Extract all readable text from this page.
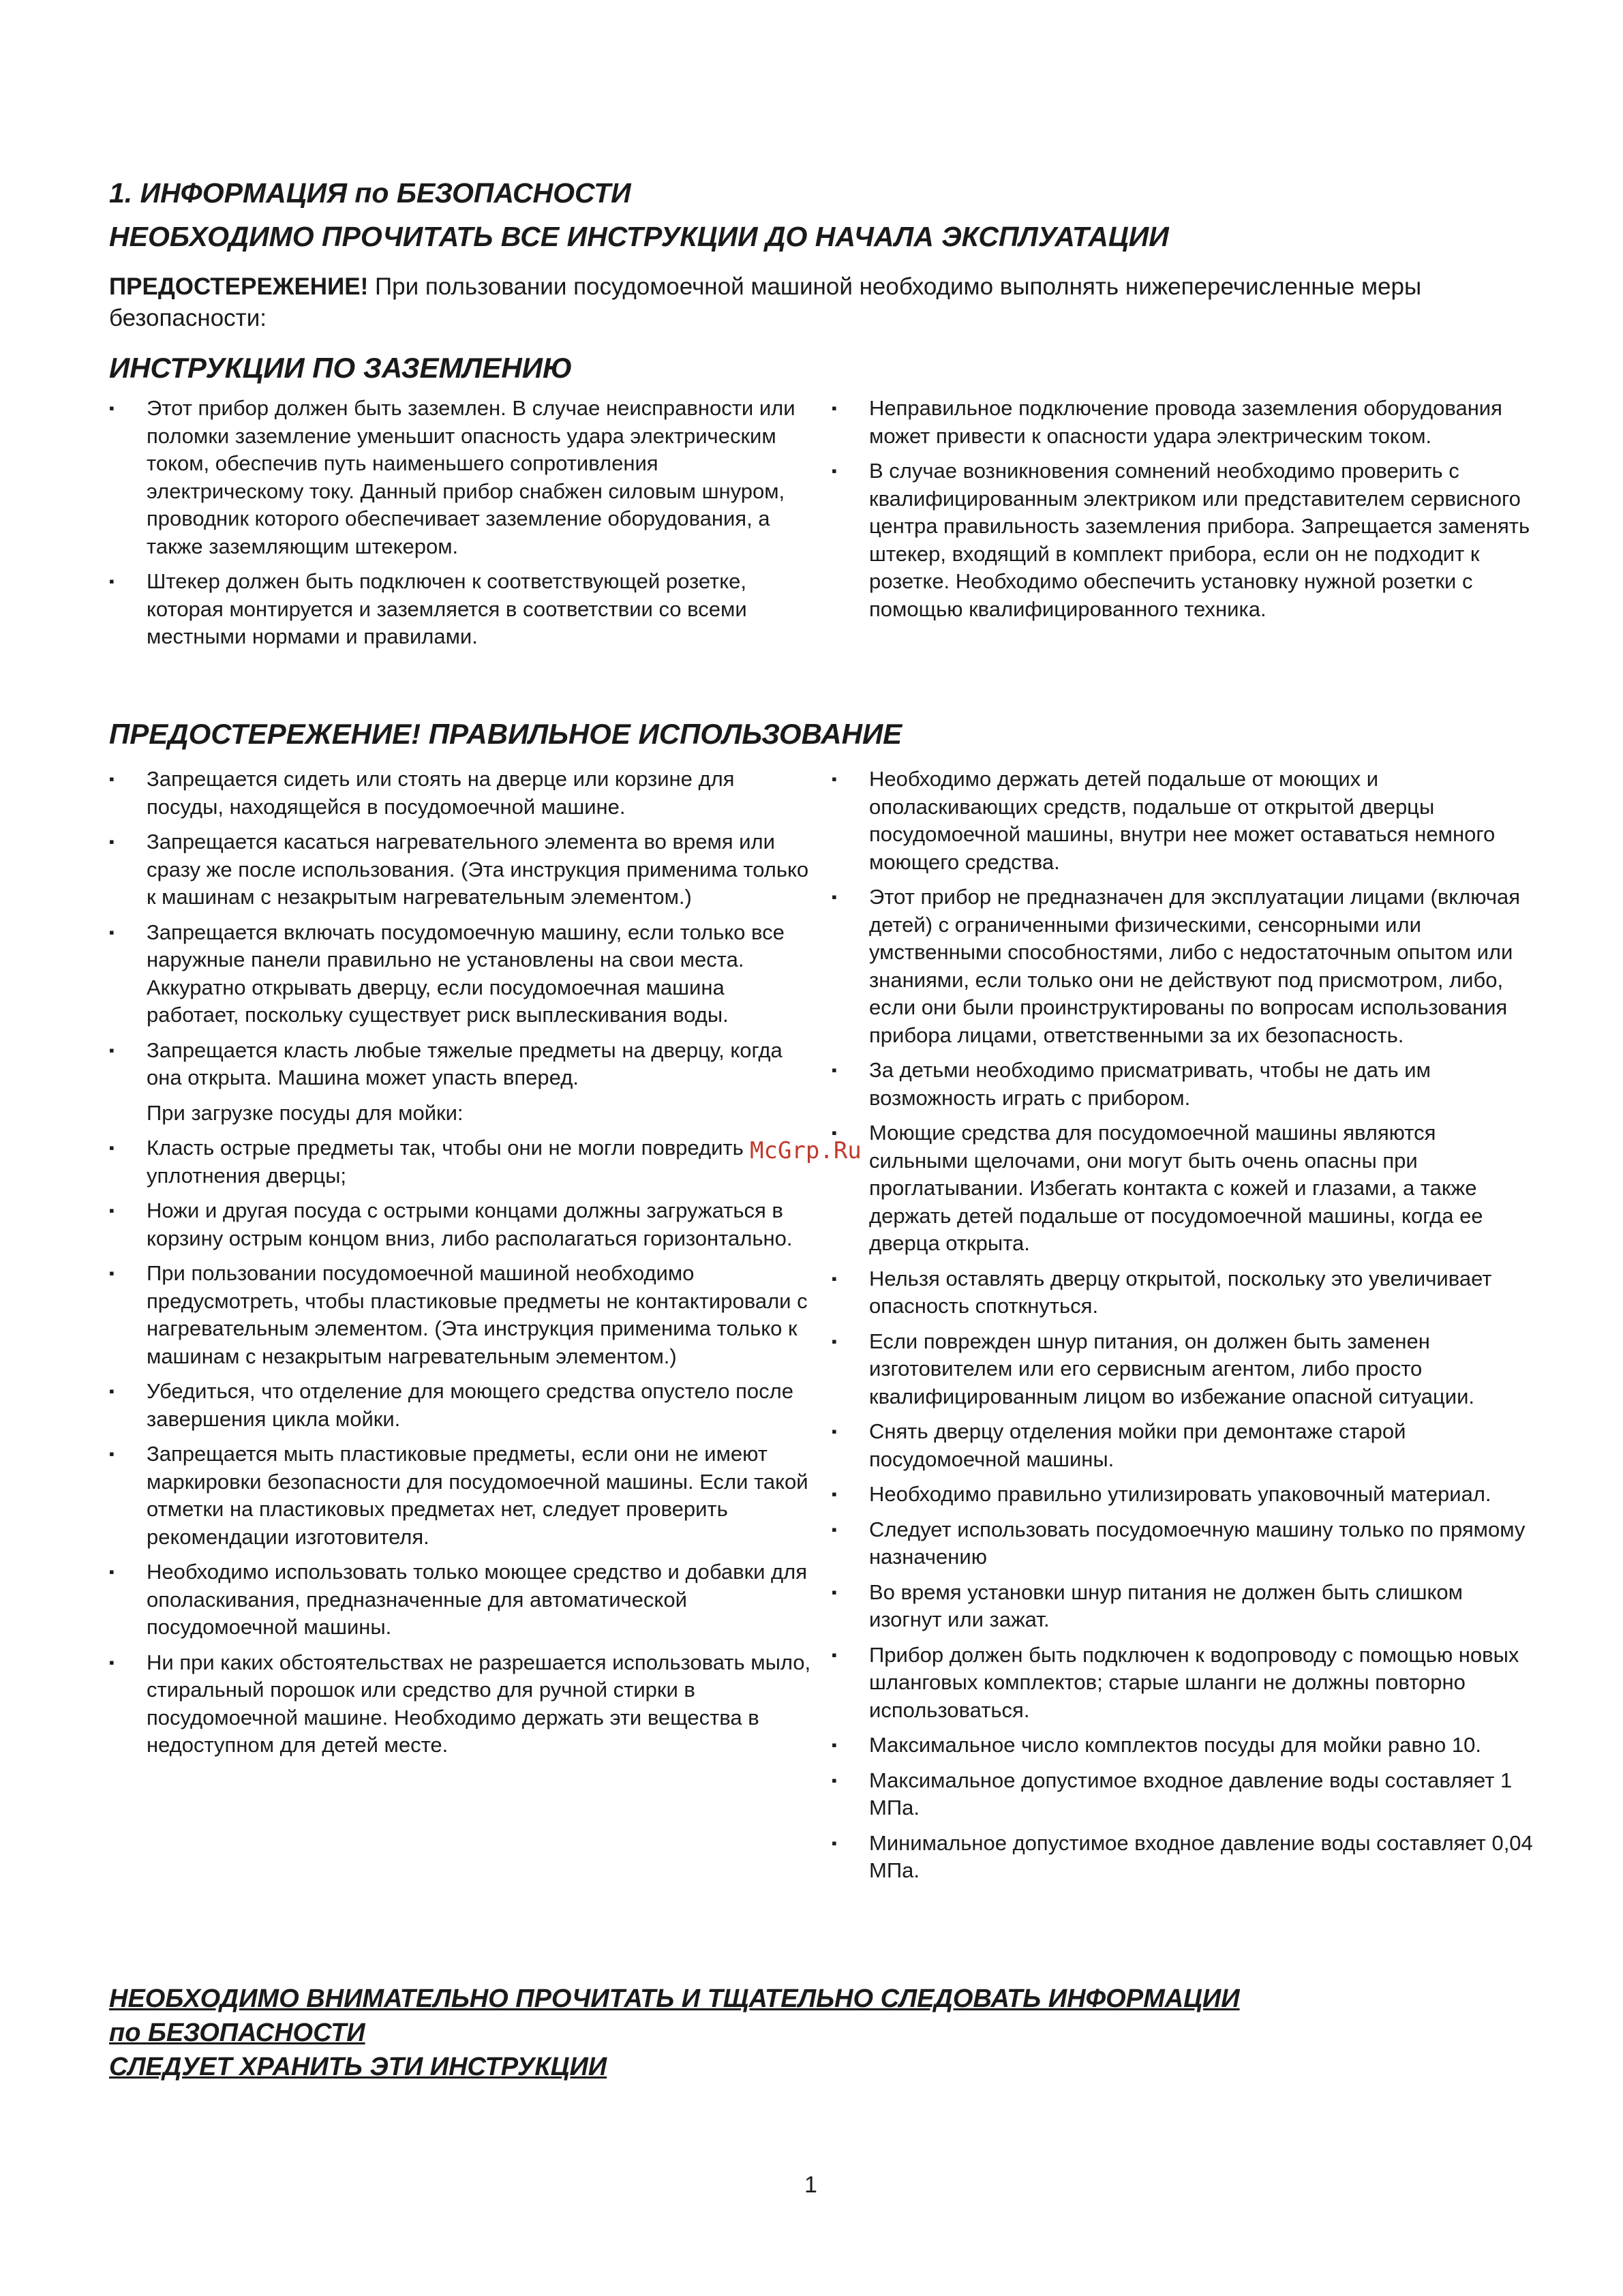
1. ИНФОРМАЦИЯ по БЕЗОПАСНОСТИ
НЕОБХОДИМО ПРОЧИТАТЬ ВСЕ ИНСТРУКЦИИ ДО НАЧАЛА ЭКСПЛУАТАЦИИ

ПРЕДОСТЕРЕЖЕНИЕ! При пользовании посудомоечной машиной необходимо выполнять нижеперечисленные меры безопасности:

ИНСТРУКЦИИ ПО ЗАЗЕМЛЕНИЮ
▪ Этот прибор должен быть заземлен. В случае неисправности или поломки заземление уменьшит опасность удара электрическим током, обеспечив путь наименьшего сопротивления электрическому току. Данный прибор снабжен силовым шнуром, проводник которого обеспечивает заземление оборудования, а также заземляющим штекером.
▪ Штекер должен быть подключен к соответствующей розетке, которая монтируется и заземляется в соответствии со всеми местными нормами и правилами.
▪ Неправильное подключение провода заземления оборудования может привести к опасности удара электрическим током.
▪ В случае возникновения сомнений необходимо проверить с квалифицированным электриком или представителем сервисного центра правильность заземления прибора. Запрещается заменять штекер, входящий в комплект прибора, если он не подходит к розетке. Необходимо обеспечить установку нужной розетки с помощью квалифицированного техника.
ПРЕДОСТЕРЕЖЕНИЕ! ПРАВИЛЬНОЕ ИСПОЛЬЗОВАНИЕ
▪ Запрещается сидеть или стоять на дверце или корзине для посуды, находящейся в посудомоечной машине.
▪ Запрещается касаться нагревательного элемента во время или сразу же после использования. (Эта инструкция применима только к машинам с незакрытым нагревательным элементом.)
▪ Запрещается включать посудомоечную машину, если только все наружные панели правильно не установлены на свои места. Аккуратно открывать дверцу, если посудомоечная машина работает, поскольку существует риск выплескивания воды.
▪ Запрещается класть любые тяжелые предметы на дверцу, когда она открыта. Машина может упасть вперед.
При загрузке посуды для мойки:
▪ Класть острые предметы так, чтобы они не могли повредить уплотнения дверцы;
▪ Ножи и другая посуда с острыми концами должны загружаться в корзину острым концом вниз, либо располагаться горизонтально.
▪ При пользовании посудомоечной машиной необходимо предусмотреть, чтобы пластиковые предметы не контактировали с нагревательным элементом. (Эта инструкция применима только к машинам с незакрытым нагревательным элементом.)
▪ Убедиться, что отделение для моющего средства опустело после завершения цикла мойки.
▪ Запрещается мыть пластиковые предметы, если они не имеют маркировки безопасности для посудомоечной машины. Если такой отметки на пластиковых предметах нет, следует проверить рекомендации изготовителя.
▪ Необходимо использовать только моющее средство и добавки для ополаскивания, предназначенные для автоматической посудомоечной машины.
▪ Ни при каких обстоятельствах не разрешается использовать мыло, стиральный порошок или средство для ручной стирки в посудомоечной машине. Необходимо держать эти вещества в недоступном для детей месте.
▪ Необходимо держать детей подальше от моющих и ополаскивающих средств, подальше от открытой дверцы посудомоечной машины, внутри нее может оставаться немного моющего средства.
▪ Этот прибор не предназначен для эксплуатации лицами (включая детей) с ограниченными физическими, сенсорными или умственными способностями, либо с недостаточным опытом или знаниями, если только они не действуют под присмотром, либо, если они были проинструктированы по вопросам использования прибора лицами, ответственными за их безопасность.
▪ За детьми необходимо присматривать, чтобы не дать им возможность играть с прибором.
▪ Моющие средства для посудомоечной машины являются сильными щелочами, они могут быть очень опасны при проглатывании. Избегать контакта с кожей и глазами, а также держать детей подальше от посудомоечной машины, когда ее дверца открыта.
▪ Нельзя оставлять дверцу открытой, поскольку это увеличивает опасность споткнуться.
▪ Если поврежден шнур питания, он должен быть заменен изготовителем или его сервисным агентом, либо просто квалифицированным лицом во избежание опасной ситуации.
▪ Снять дверцу отделения мойки при демонтаже старой посудомоечной машины.
▪ Необходимо правильно утилизировать упаковочный материал.
▪ Следует использовать посудомоечную машину только по прямому назначению
▪ Во время установки шнур питания не должен быть слишком изогнут или зажат.
▪ Прибор должен быть подключен к водопроводу с помощью новых шланговых комплектов; старые шланги не должны повторно использоваться.
▪ Максимальное число комплектов посуды для мойки равно 10.
▪ Максимальное допустимое входное давление воды составляет 1 МПа.
▪ Минимальное допустимое входное давление воды составляет 0,04 МПа.

НЕОБХОДИМО ВНИМАТЕЛЬНО ПРОЧИТАТЬ И ТЩАТЕЛЬНО СЛЕДОВАТЬ ИНФОРМАЦИИ

по БЕЗОПАСНОСТИ

СЛЕДУЕТ ХРАНИТЬ ЭТИ ИНСТРУКЦИИ

McGrp.Ru
1
